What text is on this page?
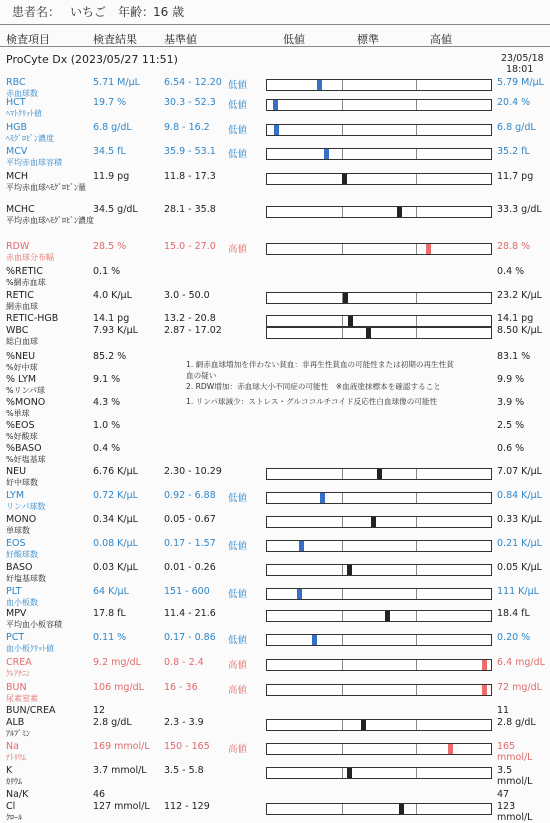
患者名： いちご 年齢：
16 歳
検査項目	検査結果 基準値	低値	標準	高値
ProCyte Dx (2023/05/27 11:51)	23/05/18
18:01
RBC
赤血球数
5.71 M/μL	6.54 - 12.20 低値	5.79 M/μL
HCT
ﾍﾏﾄｸﾘｯﾄ値
19.7 %	30.3 - 52.3 低値	20.4 %
HGB
ﾍﾓｸﾞﾛﾋﾞﾝ濃度
6.8 g/dL	9.8 - 16.2 低値	6.8 g/dL
MCV
平均赤血球容積
34.5 fL	35.9 - 53.1 低値	35.2 fL
MCH
平均赤血球ﾍﾓｸﾞﾛﾋﾞﾝ量
11.9 pg	11.8 - 17.3	11.7 pg
MCHC
平均赤血球ﾍﾓｸﾞﾛﾋﾞﾝ濃度
34.5 g/dL	28.1 - 35.8	33.3 g/dL
RDW
赤血球分布幅
28.5 %	15.0 - 27.0 高値	28.8 %
%RETIC
%網赤血球
0.1 %	0.4 %
RETIC
網赤血球
4.0 K/μL	3.0 - 50.0	23.2 K/μL
RETIC-HGB	14.1 pg	13.2 - 20.8	14.1 pg
WBC
総白血球
7.93 K/μL	2.87 - 17.02	8.50 K/μL
%NEU
%好中球
85.2 %	83.1 %
% LYM
%リンパ球
9.1 %	9.9 %
%MONO
%単球
4.3 %	3.9 %
%EOS
%好酸球
1.0 %	2.5 %
%BASO
%好塩基球
0.4 %	0.6 %
NEU
好中球数
6.76 K/μL	2.30 - 10.29	7.07 K/μL
LYM
リンパ球数
0.72 K/μL	0.92 - 6.88 低値	0.84 K/μL
MONO
単球数
0.34 K/μL	0.05 - 0.67	0.33 K/μL
EOS
好酸球数
0.08 K/μL	0.17 - 1.57 低値	0.21 K/μL
BASO
好塩基球数
0.03 K/μL	0.01 - 0.26	0.05 K/μL
PLT
血小板数
64 K/μL	151 - 600 低値	111 K/μL
MPV
平均血小板容積
17.8 fL	11.4 - 21.6	18.4 fL
PCT
血小板ｸﾘｯﾄ値
0.11 %	0.17 - 0.86 低値	0.20 %
CREA
ｸﾚｱﾁﾆﾝ
9.2 mg/dL 0.8 - 2.4	高値	6.4 mg/dL
BUN
尿素窒素
106 mg/dL 16 - 36	高値	72 mg/dL
BUN/CREA	12	11
ALB
ｱﾙﾌﾞﾐﾝ
2.8 g/dL	2.3 - 3.9	2.8 g/dL
Na
ﾅﾄﾘｳﾑ
169 mmol/L 150 - 165 高値	165 mmol/L
K
ｶﾘｳﾑ
3.7 mmol/L 3.5 - 5.8	3.5 mmol/L
Na/K	46	47
Cl
ｸﾛｰﾙ
127 mmol/L 112 - 129	123 mmol/L
1. 網赤血球増加を伴わない貧血：非再生性貧血の可能性または初期の再生性貧
血の疑い
2. RDW増加：赤血球大小不同症の可能性　※血液塗抹標本を確認すること
1. リンパ球減少：ストレス・グルココルチコイド反応性白血球像の可能性
